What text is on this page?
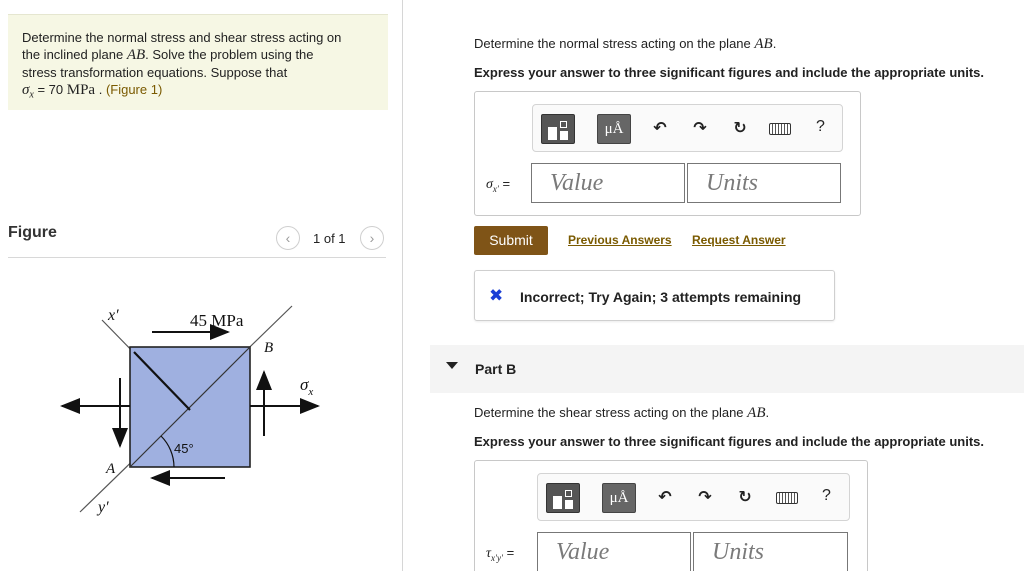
Determine the normal stress and shear stress acting on
the inclined plane AB. Solve the problem using the
stress transformation equations. Suppose that
$\sigma_x = 70$ MPa . (Figure 1)
Figure	‹ 1 of 1 ›
x′
y′
45 MPa
B
A
$\sigma_x$
45°
Determine the normal stress acting on the plane AB.
Express your answer to three significant figures and include the appropriate units.
μÅ	↶ ↷ ↻	?
$\sigma_{x'}$ =
Value
Units
Submit	Previous Answers Request Answer
✖ Incorrect; Try Again; 3 attempts remaining
Part B
Determine the shear stress acting on the plane AB.
Express your answer to three significant figures and include the appropriate units.
μÅ	↶ ↷ ↻	?
$\tau_{x'y'}$ =
Value
Units
